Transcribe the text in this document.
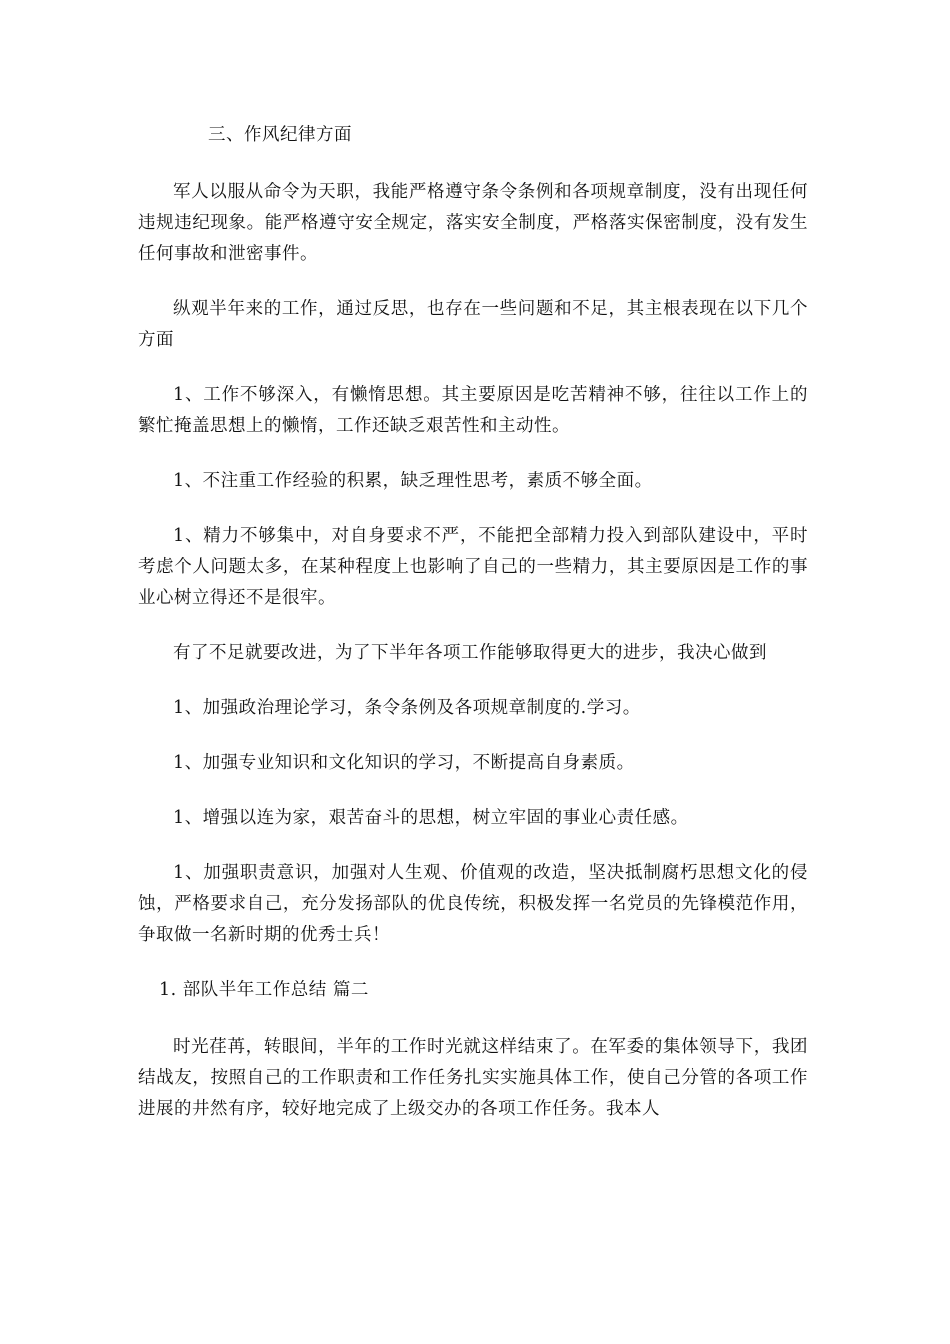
三、作风纪律方面

军人以服从命令为天职，我能严格遵守条令条例和各项规章制度，没有出现任何违规违纪现象。能严格遵守安全规定，落实安全制度，严格落实保密制度，没有发生任何事故和泄密事件。

纵观半年来的工作，通过反思，也存在一些问题和不足，其主根表现在以下几个方面

1、工作不够深入，有懒惰思想。其主要原因是吃苦精神不够，往往以工作上的繁忙掩盖思想上的懒惰，工作还缺乏艰苦性和主动性。

1、不注重工作经验的积累，缺乏理性思考，素质不够全面。

1、精力不够集中，对自身要求不严，不能把全部精力投入到部队建设中，平时考虑个人问题太多，在某种程度上也影响了自己的一些精力，其主要原因是工作的事业心树立得还不是很牢。

有了不足就要改进，为了下半年各项工作能够取得更大的进步，我决心做到

1、加强政治理论学习，条令条例及各项规章制度的.学习。

1、加强专业知识和文化知识的学习，不断提高自身素质。

1、增强以连为家，艰苦奋斗的思想，树立牢固的事业心责任感。

1、加强职责意识，加强对人生观、价值观的改造，坚决抵制腐朽思想文化的侵蚀，严格要求自己，充分发扬部队的优良传统，积极发挥一名党员的先锋模范作用，争取做一名新时期的优秀士兵！

1. 部队半年工作总结 篇二

时光荏苒，转眼间，半年的工作时光就这样结束了。在军委的集体领导下，我团结战友，按照自己的工作职责和工作任务扎实实施具体工作，使自己分管的各项工作进展的井然有序，较好地完成了上级交办的各项工作任务。我本人
